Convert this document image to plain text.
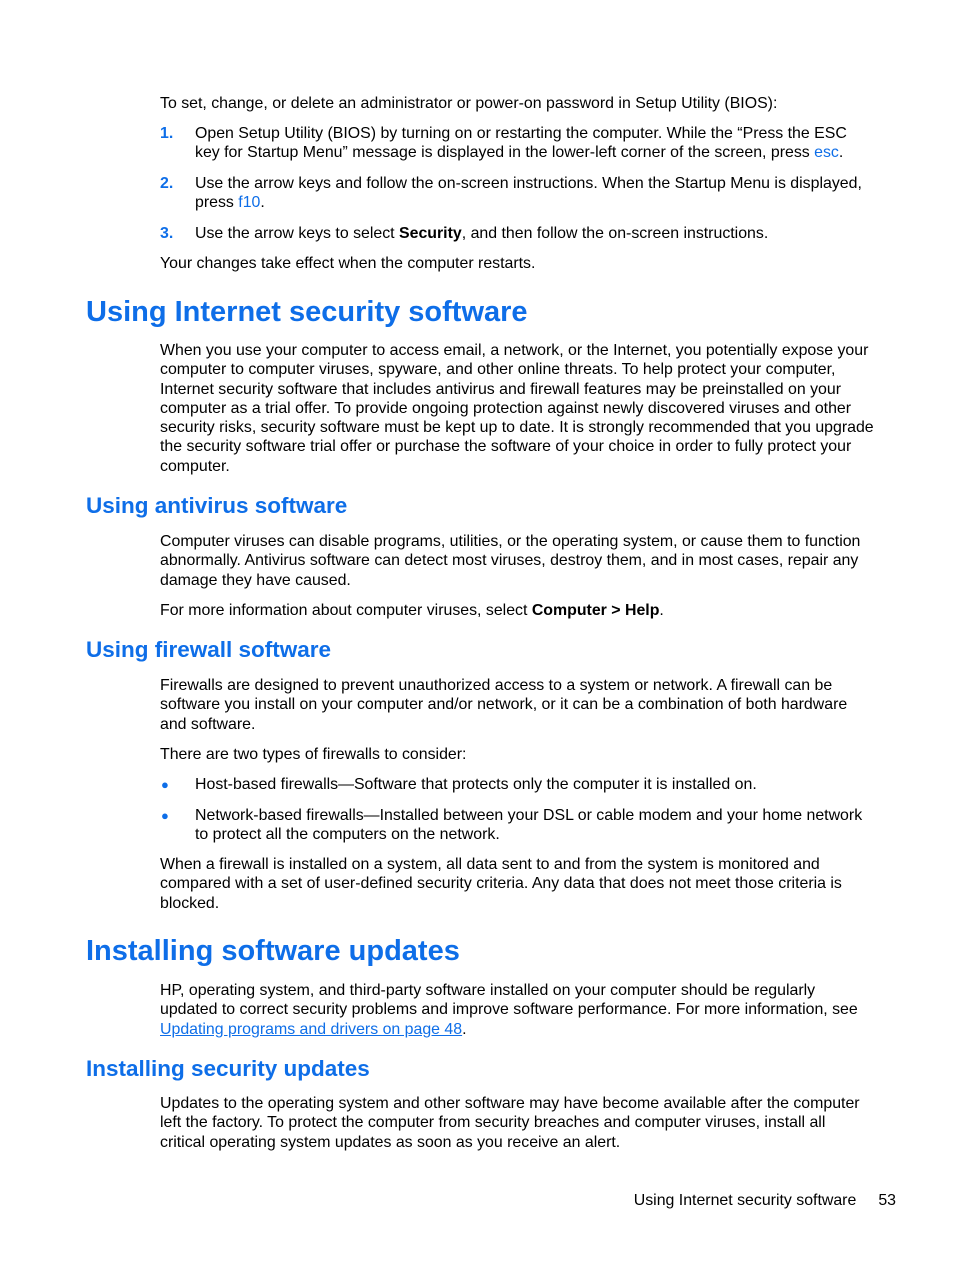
To set, change, or delete an administrator or power-on password in Setup Utility (BIOS):
1. Open Setup Utility (BIOS) by turning on or restarting the computer. While the “Press the ESC
key for Startup Menu” message is displayed in the lower-left corner of the screen, press esc.
2. Use the arrow keys and follow the on-screen instructions. When the Startup Menu is displayed,
press f10.
3. Use the arrow keys to select Security, and then follow the on-screen instructions.
Your changes take effect when the computer restarts.
Using Internet security software
When you use your computer to access email, a network, or the Internet, you potentially expose your
computer to computer viruses, spyware, and other online threats. To help protect your computer,
Internet security software that includes antivirus and firewall features may be preinstalled on your
computer as a trial offer. To provide ongoing protection against newly discovered viruses and other
security risks, security software must be kept up to date. It is strongly recommended that you upgrade
the security software trial offer or purchase the software of your choice in order to fully protect your
computer.
Using antivirus software
Computer viruses can disable programs, utilities, or the operating system, or cause them to function
abnormally. Antivirus software can detect most viruses, destroy them, and in most cases, repair any
damage they have caused.
For more information about computer viruses, select Computer > Help.
Using firewall software
Firewalls are designed to prevent unauthorized access to a system or network. A firewall can be
software you install on your computer and/or network, or it can be a combination of both hardware
and software.
There are two types of firewalls to consider:
● Host-based firewalls—Software that protects only the computer it is installed on.
● Network-based firewalls—Installed between your DSL or cable modem and your home network
to protect all the computers on the network.
When a firewall is installed on a system, all data sent to and from the system is monitored and
compared with a set of user-defined security criteria. Any data that does not meet those criteria is
blocked.
Installing software updates
HP, operating system, and third-party software installed on your computer should be regularly
updated to correct security problems and improve software performance. For more information, see
Updating programs and drivers on page 48.
Installing security updates
Updates to the operating system and other software may have become available after the computer
left the factory. To protect the computer from security breaches and computer viruses, install all
critical operating system updates as soon as you receive an alert.
Using Internet security software 53
